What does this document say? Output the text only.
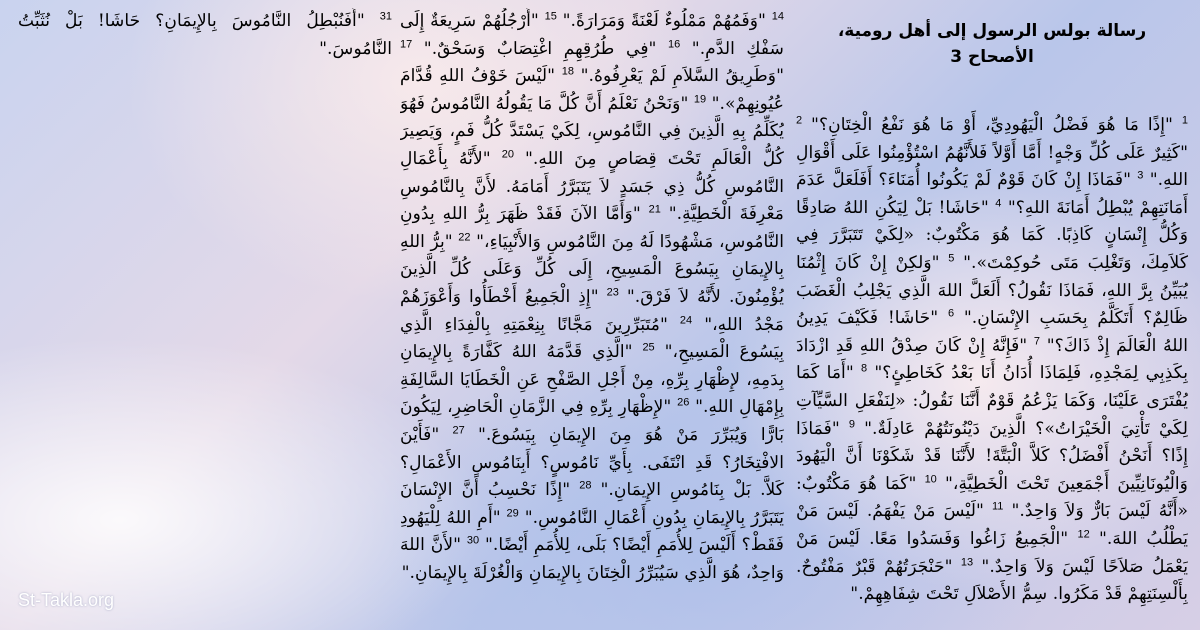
رسالة بولس الرسول إلى أهل رومية،
الأصحاح 3
$^1$ "إِذًا مَا هُوَ فَضْلُ الْيَهُودِيِّ، أَوْ مَا هُوَ نَفْعُ الْخِتَانِ؟" $^2$ "كَثِيرٌ عَلَى كُلِّ وَجْهٍ! أَمَّا أَوَّلاً فَلأَنَّهُمُ اسْتُؤْمِنُوا عَلَى أَقْوَالِ اللهِ." $^3$ "فَمَاذَا إِنْ كَانَ قَوْمٌ لَمْ يَكُونُوا أُمَنَاءَ؟ أَفَلَعَلَّ عَدَمَ أَمَانَتِهِمْ يُبْطِلُ أَمَانَةَ اللهِ؟" $^4$ "حَاشَا! بَلْ لِيَكُنِ اللهُ صَادِقًا وَكُلُّ إِنْسَانٍ كَاذِبًا. كَمَا هُوَ مَكْتُوبٌ: «لِكَيْ تَتَبَرَّرَ فِي كَلاَمِكَ، وَتَغْلِبَ مَتَى حُوكِمْتَ»." $^5$ "وَلكِنْ إِنْ كَانَ إِثْمُنَا يُبَيِّنُ بِرَّ اللهِ، فَمَاذَا نَقُولُ؟ أَلَعَلَّ اللهَ الَّذِي يَجْلِبُ الْغَضَبَ ظَالِمٌ؟ أَتَكَلَّمُ بِحَسَبِ الإِنْسَانِ." $^6$ "حَاشَا! فَكَيْفَ يَدِينُ اللهُ الْعَالَمَ إِذْ ذَاكَ؟" $^7$ "فَإِنَّهُ إِنْ كَانَ صِدْقُ اللهِ قَدِ ازْدَادَ بِكَذِبِي لِمَجْدِهِ، فَلِمَاذَا أُدَانُ أَنَا بَعْدُ كَخَاطِئٍ؟" $^8$ "أَمَا كَمَا يُفْتَرَى عَلَيْنَا، وَكَمَا يَزْعُمُ قَوْمٌ أَنَّنَا نَقُولُ: «لِنَفْعَلِ السَّيِّآتِ لِكَيْ تَأْتِيَ الْخَيْرَاتُ»؟ الَّذِينَ دَيْنُونَتُهُمْ عَادِلَةٌ." $^9$ "فَمَاذَا إِذًا؟ أَنَحْنُ أَفْضَلُ؟ كَلاَّ الْبَتَّةَ! لأَنَّنَا قَدْ شَكَوْنَا أَنَّ الْيَهُودَ وَالْيُونَانِيِّينَ أَجْمَعِينَ تَحْتَ الْخَطِيَّةِ،" $^{10}$ "كَمَا هُوَ مَكْتُوبٌ: «أَنَّهُ لَيْسَ بَارٌّ وَلاَ وَاحِدٌ." $^{11}$ "لَيْسَ مَنْ يَفْهَمُ. لَيْسَ مَنْ يَطْلُبُ اللهَ." $^{12}$ "الْجَمِيعُ زَاغُوا وَفَسَدُوا مَعًا. لَيْسَ مَنْ يَعْمَلُ صَلاَحًا لَيْسَ وَلاَ وَاحِدٌ." $^{13}$ "حَنْجَرَتُهُمْ قَبْرٌ مَفْتُوحٌ. بِأَلْسِنَتِهِمْ قَدْ مَكَرُوا. سِمُّ الأَصْلاَلِ تَحْتَ شِفَاهِهِمْ."
$^{14}$ "وَفَمُهُمْ مَمْلُوءٌ لَعْنَةً وَمَرَارَةً." $^{15}$ "أَرْجُلُهُمْ سَرِيعَةٌ إِلَى سَفْكِ الدَّمِ." $^{16}$ "فِي طُرُقِهِمِ اغْتِصَابٌ وَسَحْقٌ." $^{17}$ "وَطَرِيقُ السَّلاَمِ لَمْ يَعْرِفُوهُ." $^{18}$ "لَيْسَ خَوْفُ اللهِ قُدَّامَ عُيُونِهِمْ»." $^{19}$ "وَنَحْنُ نَعْلَمُ أَنَّ كُلَّ مَا يَقُولُهُ النَّامُوسُ فَهُوَ يُكَلِّمُ بِهِ الَّذِينَ فِي النَّامُوسِ، لِكَيْ يَسْتَدَّ كُلُّ فَمٍ، وَيَصِيرَ كُلُّ الْعَالَمِ تَحْتَ قِصَاصٍ مِنَ اللهِ." $^{20}$ "لأَنَّهُ بِأَعْمَالِ النَّامُوسِ كُلُّ ذِي جَسَدٍ لاَ يَتَبَرَّرُ أَمَامَهُ. لأَنَّ بِالنَّامُوسِ مَعْرِفَةَ الْخَطِيَّةِ." $^{21}$ "وَأَمَّا الآنَ فَقَدْ ظَهَرَ بِرُّ اللهِ بِدُونِ النَّامُوسِ، مَشْهُودًا لَهُ مِنَ النَّامُوسِ وَالأَنْبِيَاءِ،" $^{22}$ "بِرُّ اللهِ بِالإِيمَانِ بِيَسُوعَ الْمَسِيحِ، إِلَى كُلِّ وَعَلَى كُلِّ الَّذِينَ يُؤْمِنُونَ. لأَنَّهُ لاَ فَرْقَ." $^{23}$ "إِذِ الْجَمِيعُ أَخْطَأُوا وَأَعْوَزَهُمْ مَجْدُ اللهِ،" $^{24}$ "مُتَبَرِّرِينَ مَجَّانًا بِنِعْمَتِهِ بِالْفِدَاءِ الَّذِي بِيَسُوعَ الْمَسِيحِ،" $^{25}$ "الَّذِي قَدَّمَهُ اللهُ كَفَّارَةً بِالإِيمَانِ بِدَمِهِ، لإِظْهَارِ بِرِّهِ، مِنْ أَجْلِ الصَّفْحِ عَنِ الْخَطَايَا السَّالِفَةِ بِإِمْهَالِ اللهِ." $^{26}$ "لإِظْهَارِ بِرِّهِ فِي الزَّمَانِ الْحَاضِرِ، لِيَكُونَ بَارًّا وَيُبَرِّرَ مَنْ هُوَ مِنَ الإِيمَانِ بِيَسُوعَ." $^{27}$ "فَأَيْنَ الافْتِخَارُ؟ قَدِ انْتَفَى. بِأَيِّ نَامُوسٍ؟ أَبِنَامُوسِ الأَعْمَالِ؟ كَلاَّ. بَلْ بِنَامُوسِ الإِيمَانِ." $^{28}$ "إِذًا نَحْسِبُ أَنَّ الإِنْسَانَ يَتَبَرَّرُ بِالإِيمَانِ بِدُونِ أَعْمَالِ النَّامُوسِ." $^{29}$ "أَمِ اللهُ لِلْيَهُودِ فَقَطْ؟ أَلَيْسَ لِلأُمَمِ أَيْضًا؟ بَلَى، لِلأُمَمِ أَيْضًا." $^{30}$ "لأَنَّ اللهَ وَاحِدٌ، هُوَ الَّذِي سَيُبَرِّرُ الْخِتَانَ بِالإِيمَانِ وَالْغُرْلَةَ بِالإِيمَانِ."
$^{31}$ "أَفَنُبْطِلُ النَّامُوسَ بِالإِيمَانِ؟ حَاشَا! بَلْ نُثَبِّتُ النَّامُوسَ."
St-Takla.org
